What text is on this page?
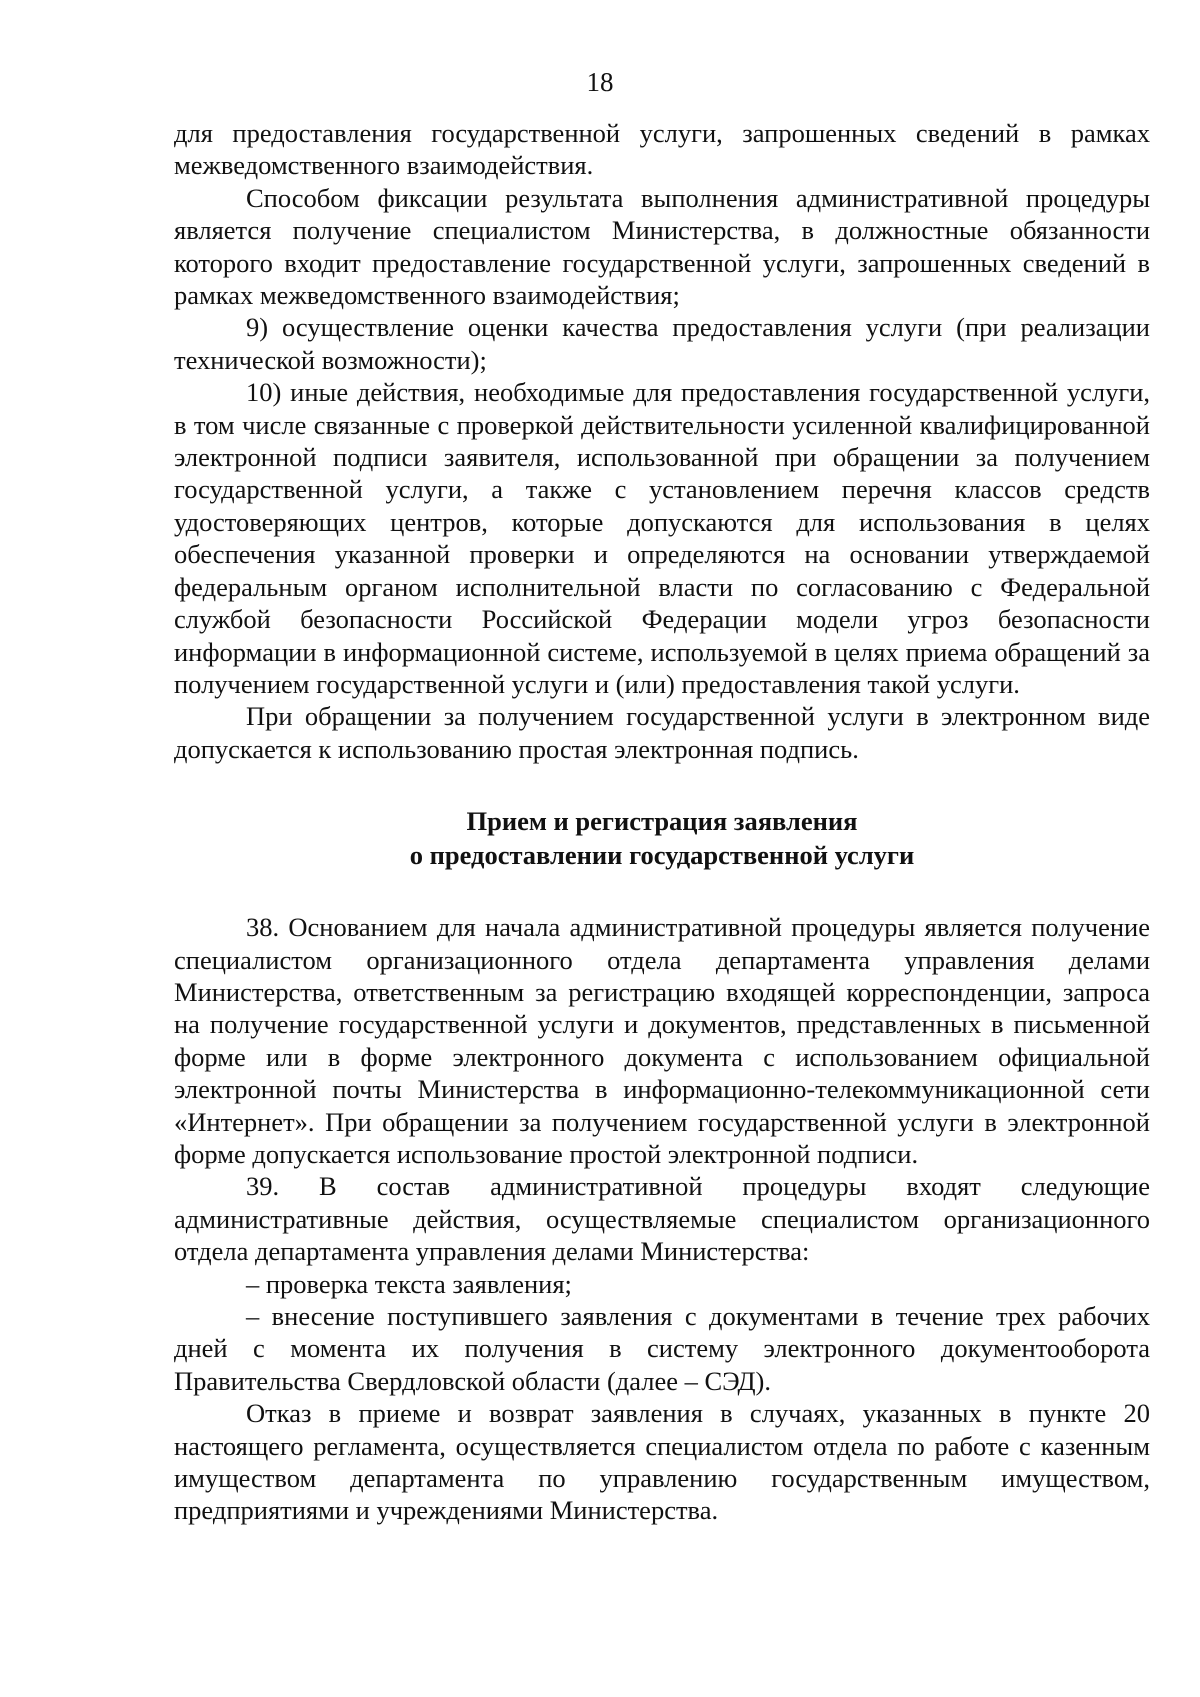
18

для предоставления государственной услуги, запрошенных сведений в рамках межведомственного взаимодействия.

Способом фиксации результата выполнения административной процедуры является получение специалистом Министерства, в должностные обязанности которого входит предоставление государственной услуги, запрошенных сведений в рамках межведомственного взаимодействия;

9) осуществление оценки качества предоставления услуги (при реализации технической возможности);

10) иные действия, необходимые для предоставления государственной услуги, в том числе связанные с проверкой действительности усиленной квалифицированной электронной подписи заявителя, использованной при обращении за получением государственной услуги, а также с установлением перечня классов средств удостоверяющих центров, которые допускаются для использования в целях обеспечения указанной проверки и определяются на основании утверждаемой федеральным органом исполнительной власти по согласованию с Федеральной службой безопасности Российской Федерации модели угроз безопасности информации в информационной системе, используемой в целях приема обращений за получением государственной услуги и (или) предоставления такой услуги.

При обращении за получением государственной услуги в электронном виде допускается к использованию простая электронная подпись.

Прием и регистрация заявления
о предоставлении государственной услуги

38. Основанием для начала административной процедуры является получение специалистом организационного отдела департамента управления делами Министерства, ответственным за регистрацию входящей корреспонденции, запроса на получение государственной услуги и документов, представленных в письменной форме или в форме электронного документа с использованием официальной электронной почты Министерства в информационно-телекоммуникационной сети «Интернет». При обращении за получением государственной услуги в электронной форме допускается использование простой электронной подписи.

39. В состав административной процедуры входят следующие административные действия, осуществляемые специалистом организационного отдела департамента управления делами Министерства:

– проверка текста заявления;

– внесение поступившего заявления с документами в течение трех рабочих дней с момента их получения в систему электронного документооборота Правительства Свердловской области (далее – СЭД).

Отказ в приеме и возврат заявления в случаях, указанных в пункте 20 настоящего регламента, осуществляется специалистом отдела по работе с казенным имуществом департамента по управлению государственным имуществом, предприятиями и учреждениями Министерства.
